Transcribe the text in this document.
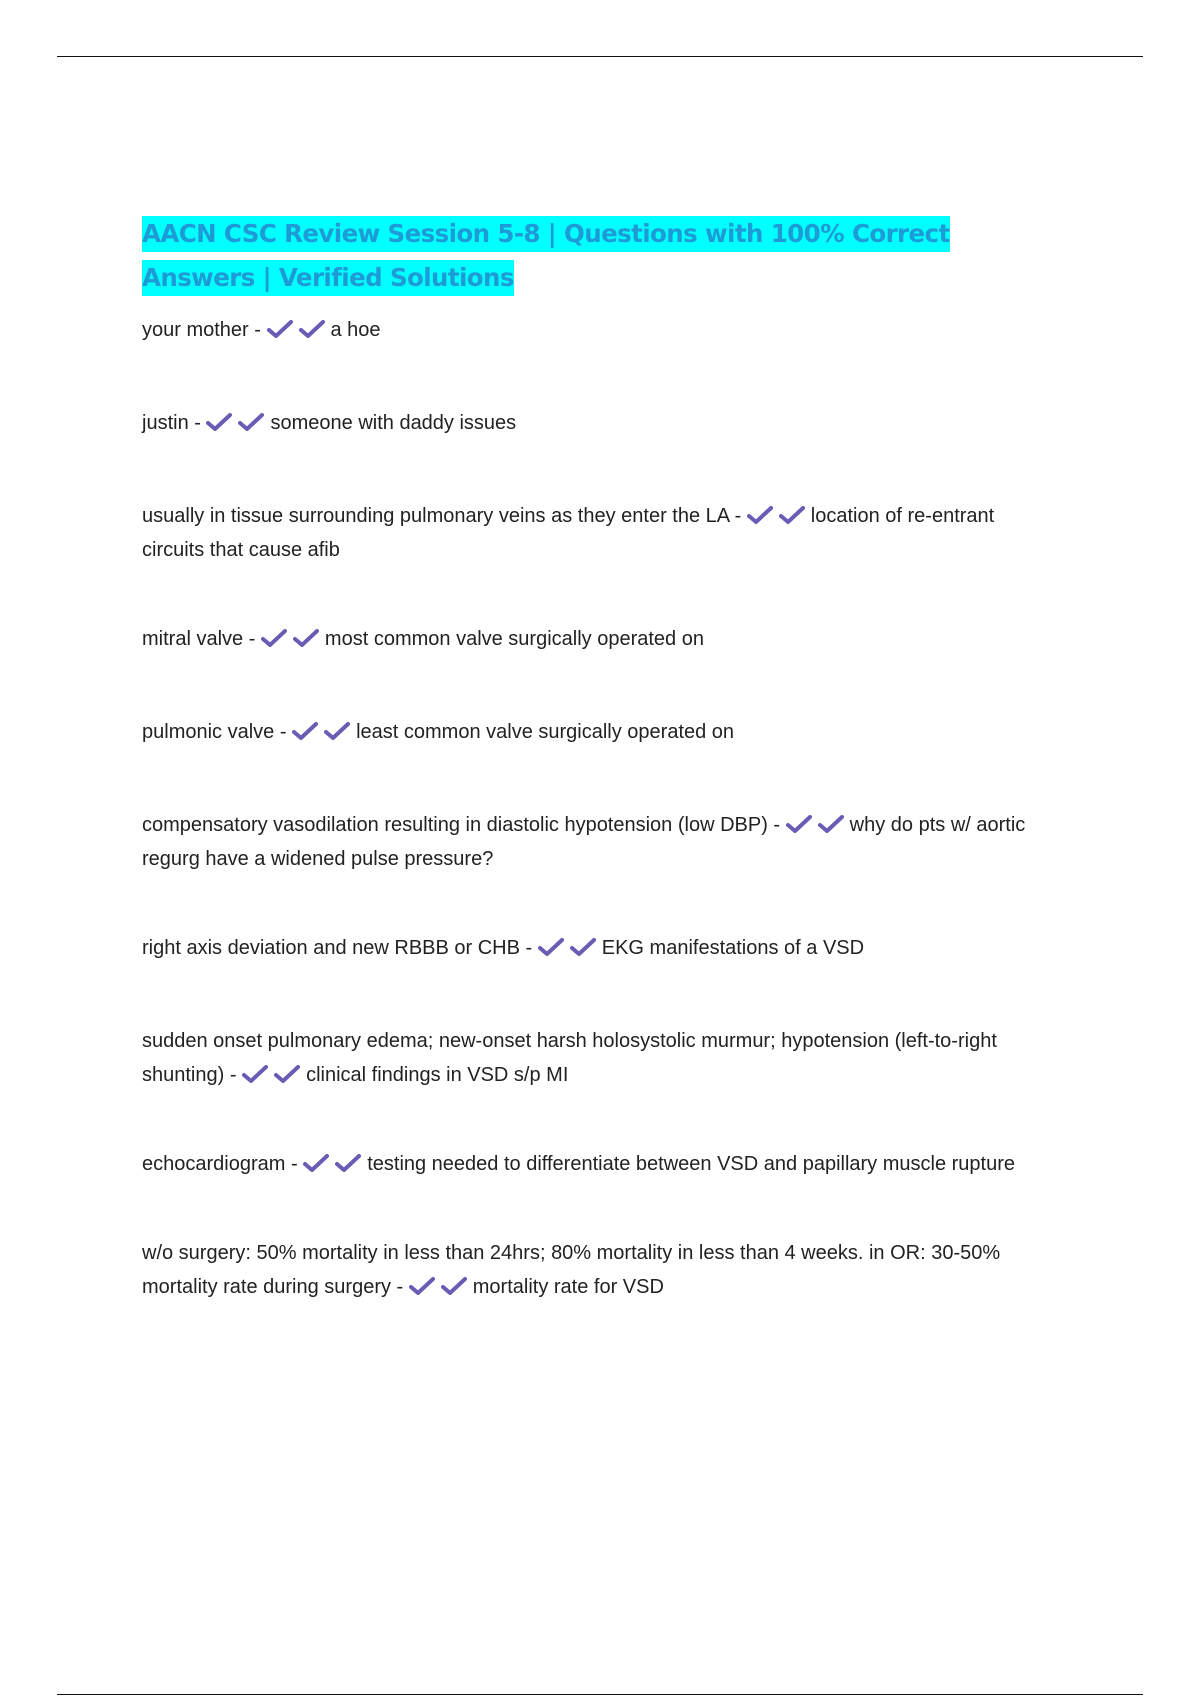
AACN CSC Review Session 5-8 | Questions with 100% Correct Answers | Verified Solutions
your mother -	a hoe
justin -	someone with daddy issues
usually in tissue surrounding pulmonary veins as they enter the LA -	location of re-entrant circuits that cause afib
mitral valve -	most common valve surgically operated on
pulmonic valve -	least common valve surgically operated on
compensatory vasodilation resulting in diastolic hypotension (low DBP) -	why do pts w/ aortic regurg have a widened pulse pressure?
right axis deviation and new RBBB or CHB -	EKG manifestations of a VSD
sudden onset pulmonary edema; new-onset harsh holosystolic murmur; hypotension (left-to-right shunting) -	clinical findings in VSD s/p MI
echocardiogram -	testing needed to differentiate between VSD and papillary muscle rupture
w/o surgery: 50% mortality in less than 24hrs; 80% mortality in less than 4 weeks. in OR: 30-50% mortality rate during surgery -	mortality rate for VSD
